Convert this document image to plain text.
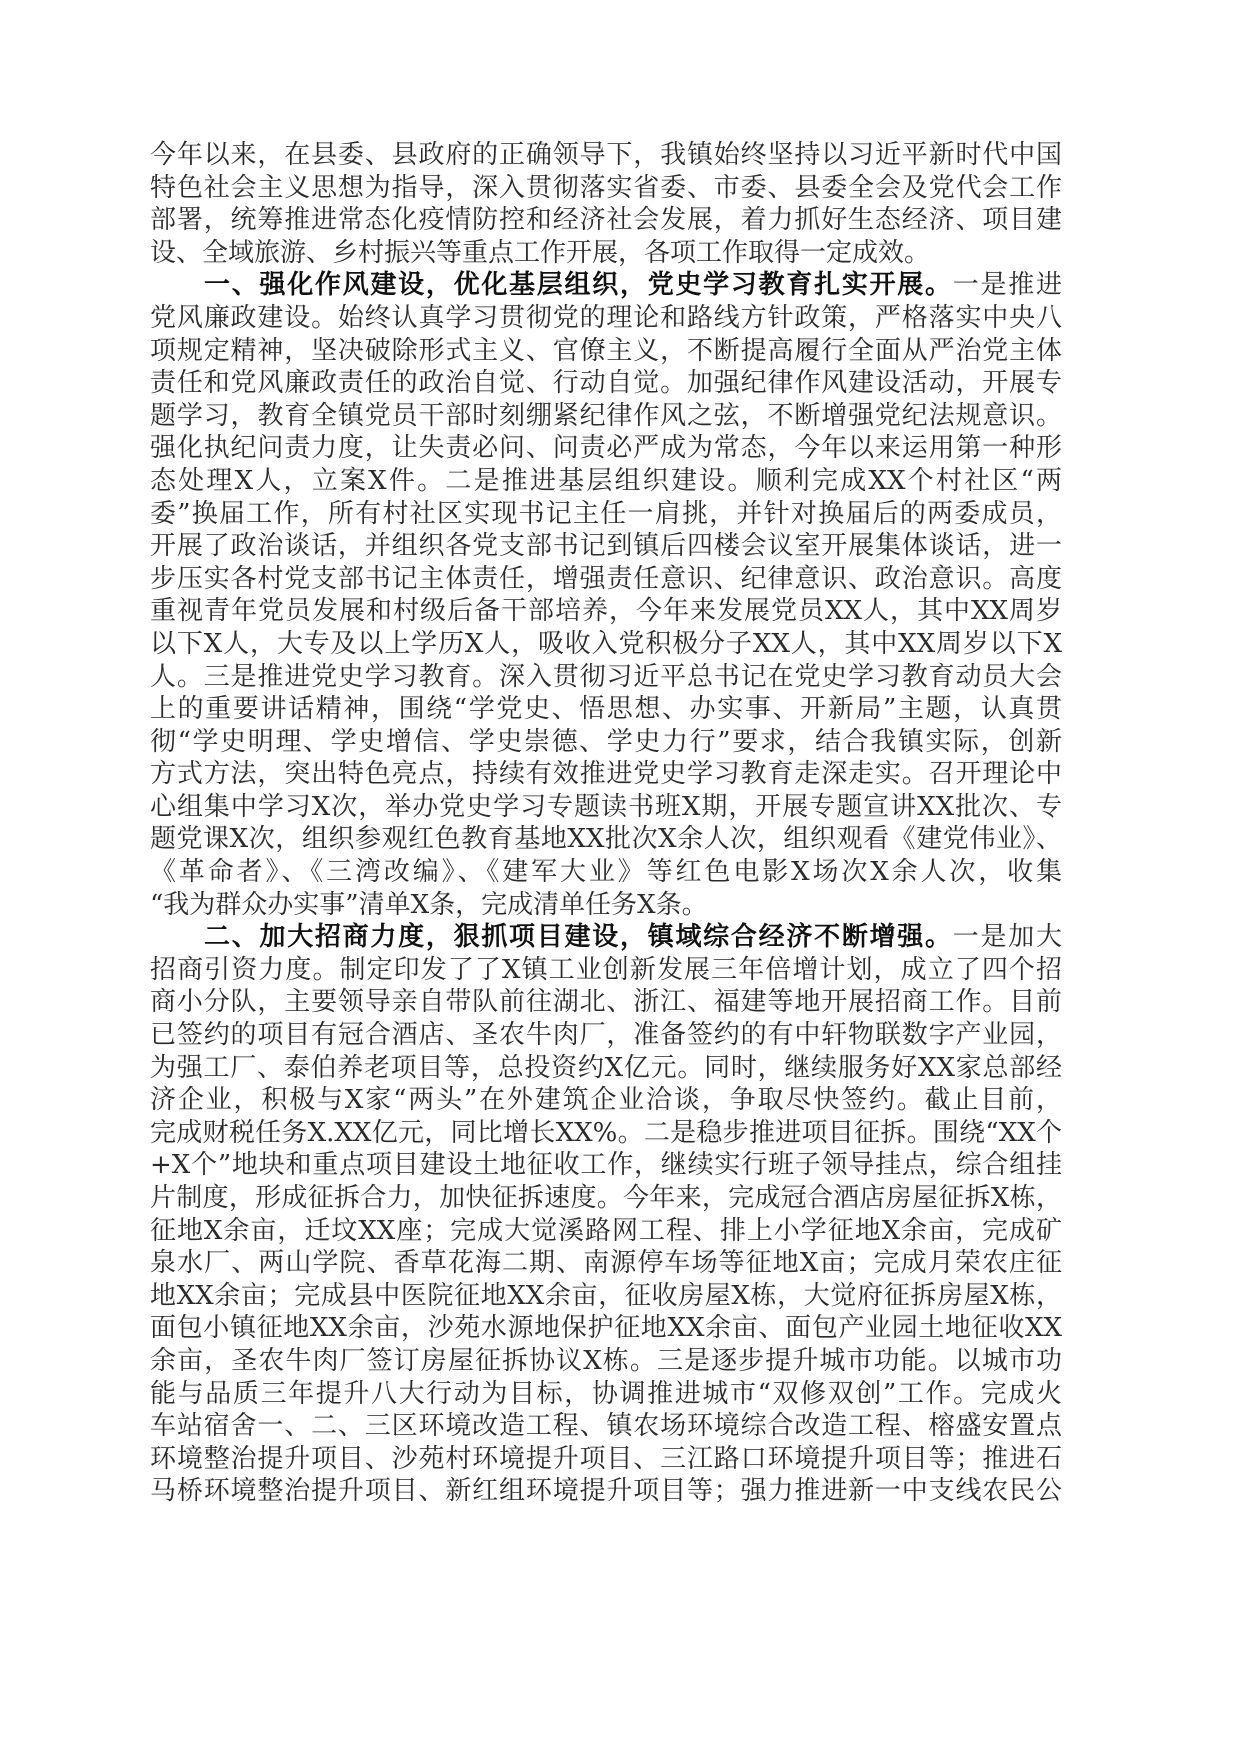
今年以来，在县委、县政府的正确领导下，我镇始终坚持以习近平新时代中国
特色社会主义思想为指导，深入贯彻落实省委、市委、县委全会及党代会工作
部署，统筹推进常态化疫情防控和经济社会发展，着力抓好生态经济、项目建
设、全域旅游、乡村振兴等重点工作开展，各项工作取得一定成效。
一、强化作风建设，优化基层组织，党史学习教育扎实开展。一是推进
党风廉政建设。始终认真学习贯彻党的理论和路线方针政策，严格落实中央八
项规定精神，坚决破除形式主义、官僚主义，不断提高履行全面从严治党主体
责任和党风廉政责任的政治自觉、行动自觉。加强纪律作风建设活动，开展专
题学习，教育全镇党员干部时刻绷紧纪律作风之弦，不断增强党纪法规意识。
强化执纪问责力度，让失责必问、问责必严成为常态，今年以来运用第一种形
态处理X人，立案X件。二是推进基层组织建设。顺利完成XX个村社区“两
委”换届工作，所有村社区实现书记主任一肩挑，并针对换届后的两委成员，
开展了政治谈话，并组织各党支部书记到镇后四楼会议室开展集体谈话，进一
步压实各村党支部书记主体责任，增强责任意识、纪律意识、政治意识。高度
重视青年党员发展和村级后备干部培养，今年来发展党员XX人，其中XX周岁
以下X人，大专及以上学历X人，吸收入党积极分子XX人，其中XX周岁以下X
人。三是推进党史学习教育。深入贯彻习近平总书记在党史学习教育动员大会
上的重要讲话精神，围绕“学党史、悟思想、办实事、开新局”主题，认真贯
彻“学史明理、学史增信、学史崇德、学史力行”要求，结合我镇实际，创新
方式方法，突出特色亮点，持续有效推进党史学习教育走深走实。召开理论中
心组集中学习X次，举办党史学习专题读书班X期，开展专题宣讲XX批次、专
题党课X次，组织参观红色教育基地XX批次X余人次，组织观看《建党伟业》、
《革命者》、《三湾改编》、《建军大业》等红色电影X场次X余人次，收集
“我为群众办实事”清单X条，完成清单任务X条。
二、加大招商力度，狠抓项目建设，镇域综合经济不断增强。一是加大
招商引资力度。制定印发了了X镇工业创新发展三年倍增计划，成立了四个招
商小分队，主要领导亲自带队前往湖北、浙江、福建等地开展招商工作。目前
已签约的项目有冠合酒店、圣农牛肉厂，准备签约的有中轩物联数字产业园，
为强工厂、泰伯养老项目等，总投资约X亿元。同时，继续服务好XX家总部经
济企业，积极与X家“两头”在外建筑企业洽谈，争取尽快签约。截止目前，
完成财税任务X.XX亿元，同比增长XX%。二是稳步推进项目征拆。围绕“XX个
+X个”地块和重点项目建设土地征收工作，继续实行班子领导挂点，综合组挂
片制度，形成征拆合力，加快征拆速度。今年来，完成冠合酒店房屋征拆X栋，
征地X余亩，迁坟XX座；完成大觉溪路网工程、排上小学征地X余亩，完成矿
泉水厂、两山学院、香草花海二期、南源停车场等征地X亩；完成月荣农庄征
地XX余亩；完成县中医院征地XX余亩，征收房屋X栋，大觉府征拆房屋X栋，
面包小镇征地XX余亩，沙苑水源地保护征地XX余亩、面包产业园土地征收XX
余亩，圣农牛肉厂签订房屋征拆协议X栋。三是逐步提升城市功能。以城市功
能与品质三年提升八大行动为目标，协调推进城市“双修双创”工作。完成火
车站宿舍一、二、三区环境改造工程、镇农场环境综合改造工程、榕盛安置点
环境整治提升项目、沙苑村环境提升项目、三江路口环境提升项目等；推进石
马桥环境整治提升项目、新红组环境提升项目等；强力推进新一中支线农民公
